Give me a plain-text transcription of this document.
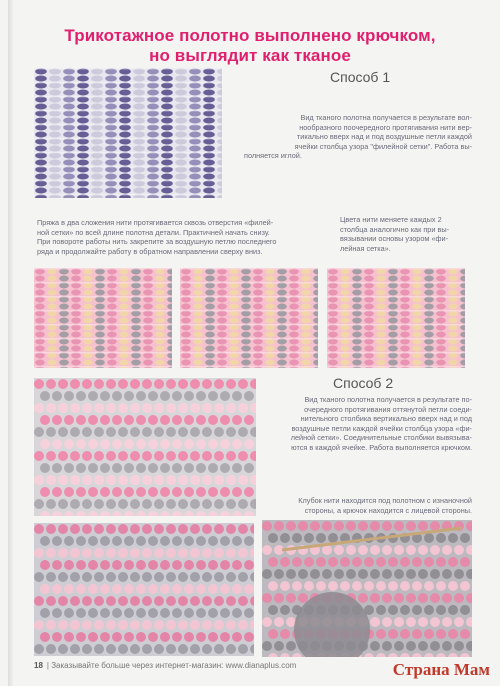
Трикотажное полотно выполнено крючком,
но выглядит как тканое
Способ 1
Вид тканого полотна получается в результате вол-
нообразного поочередного протягивания нити вер-
тикально вверх над и под воздушные петли каждой
ячейки столбца узора "филейной сетки". Работа вы-
полняется иглой.
Пряжа в два сложения нити протягивается сквозь отверстия «филей-
ной сетки» по всей длине полотна детали. Практичней начать снизу.
При повороте работы нить закрепите за воздушную петлю последнего
ряда и продолжайте работу в обратном направлении сверху вниз.
Цвета нити меняете каждых 2
столбца аналогично как при вы-
вязывании основы узором «фи-
лейная сетка».
Способ 2
Вид тканого полотна получается в результате по-
очередного протягивания оттянутой петли соеди-
нительного столбика вертикально вверх над и под
воздушные петли каждой ячейки столбца узора «фи-
лейной сетки». Соединительные столбики вывязыва-
ются в каждой ячейке. Работа выполняется крючком.
Клубок нити находится под полотном с изнаночной
стороны, а крючок находится с лицевой стороны.
18 | Заказывайте больше через интернет-магазин: www.dianaplus.com	Страна Мам
